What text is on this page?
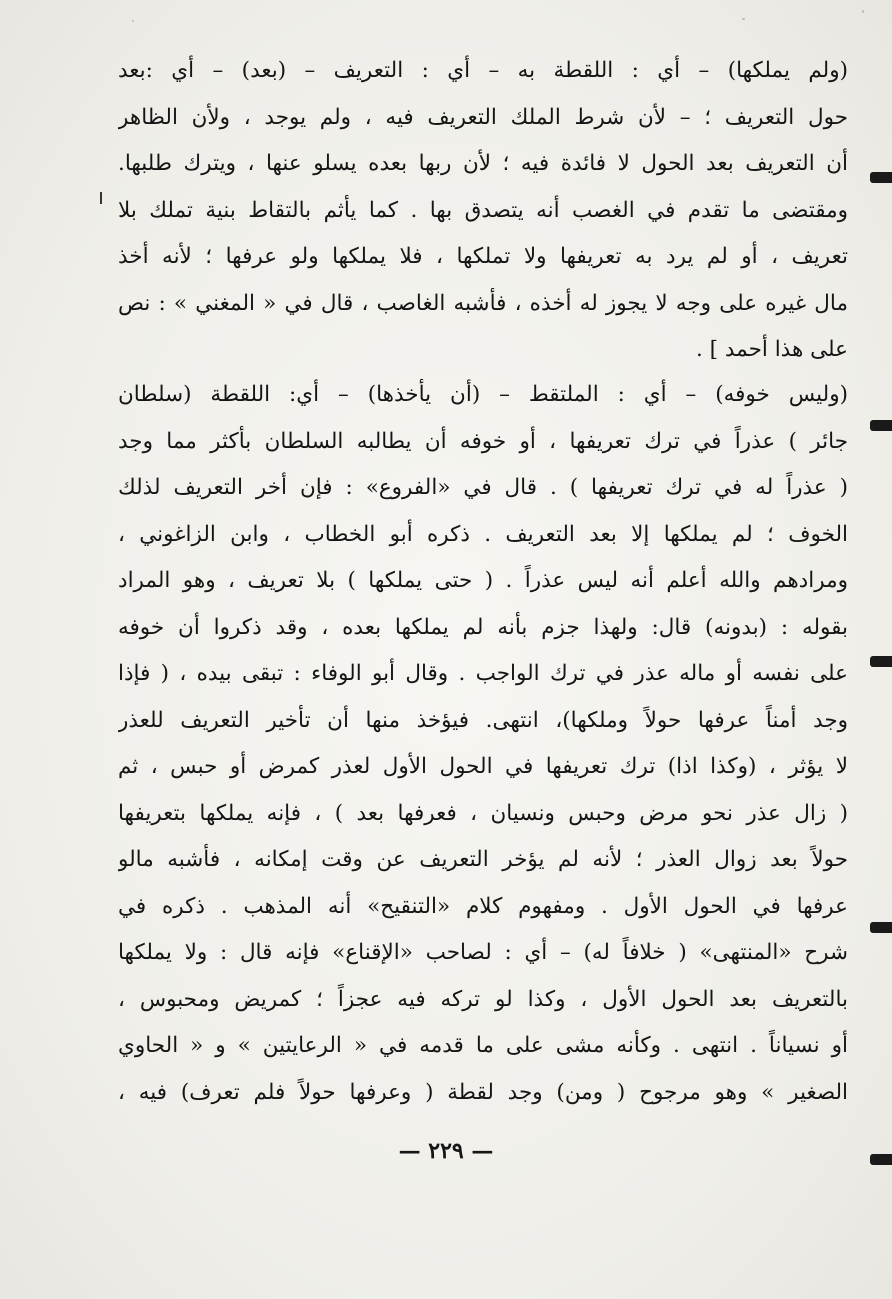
(ولم يملكها) – أي : اللقطة به – أي : التعريف – (بعد) – أي :بعد
حول التعريف ؛ – لأن شرط الملك التعريف فيه ، ولم يوجد ، ولأن الظاهر
أن التعريف بعد الحول لا فائدة فيه ؛ لأن ربها بعده يسلو عنها ، ويترك طلبها.
ومقتضى ما تقدم في الغصب أنه يتصدق بها . كما يأثم بالتقاط بنية تملك بلا
تعريف ، أو لم يرد به تعريفها ولا تملكها ، فلا يملكها ولو عرفها ؛ لأنه أخذ
مال غيره على وجه لا يجوز له أخذه ، فأشبه الغاصب ، قال في « المغني » : نص
على هذا أحمد ] .
(وليس خوفه) – أي : الملتقط – (أن يأخذها) – أي: اللقطة (سلطان
جائر ) عذراً في ترك تعريفها ، أو خوفه أن يطالبه السلطان بأكثر مما وجد
( عذراً له في ترك تعريفها ) . قال في «الفروع» : فإن أخر التعريف لذلك
الخوف ؛ لم يملكها إلا بعد التعريف . ذكره أبو الخطاب ، وابن الزاغوني ،
ومرادهم والله أعلم أنه ليس عذراً . ( حتى يملكها ) بلا تعريف ، وهو المراد
بقوله : (بدونه) قال: ولهذا جزم بأنه لم يملكها بعده ، وقد ذكروا أن خوفه
على نفسه أو ماله عذر في ترك الواجب . وقال أبو الوفاء : تبقى بيده ، ( فإذا
وجد أمناً عرفها حولاً وملكها)، انتهى. فيؤخذ منها أن تأخير التعريف للعذر
لا يؤثر ، (وكذا اذا) ترك تعريفها في الحول الأول لعذر كمرض أو حبس ، ثم
( زال عذر نحو مرض وحبس ونسيان ، فعرفها بعد ) ، فإنه يملكها بتعريفها
حولاً بعد زوال العذر ؛ لأنه لم يؤخر التعريف عن وقت إمكانه ، فأشبه مالو
عرفها في الحول الأول . ومفهوم كلام «التنقيح» أنه المذهب . ذكره في
شرح «المنتهى» ( خلافاً له) – أي : لصاحب «الإقناع» فإنه قال : ولا يملكها
بالتعريف بعد الحول الأول ، وكذا لو تركه فيه عجزاً ؛ كمريض ومحبوس ،
أو نسياناً . انتهى . وكأنه مشى على ما قدمه في « الرعايتين » و « الحاوي
الصغير » وهو مرجوح ( ومن) وجد لقطة ( وعرفها حولاً فلم تعرف) فيه ،
— ٢٢٩ —
